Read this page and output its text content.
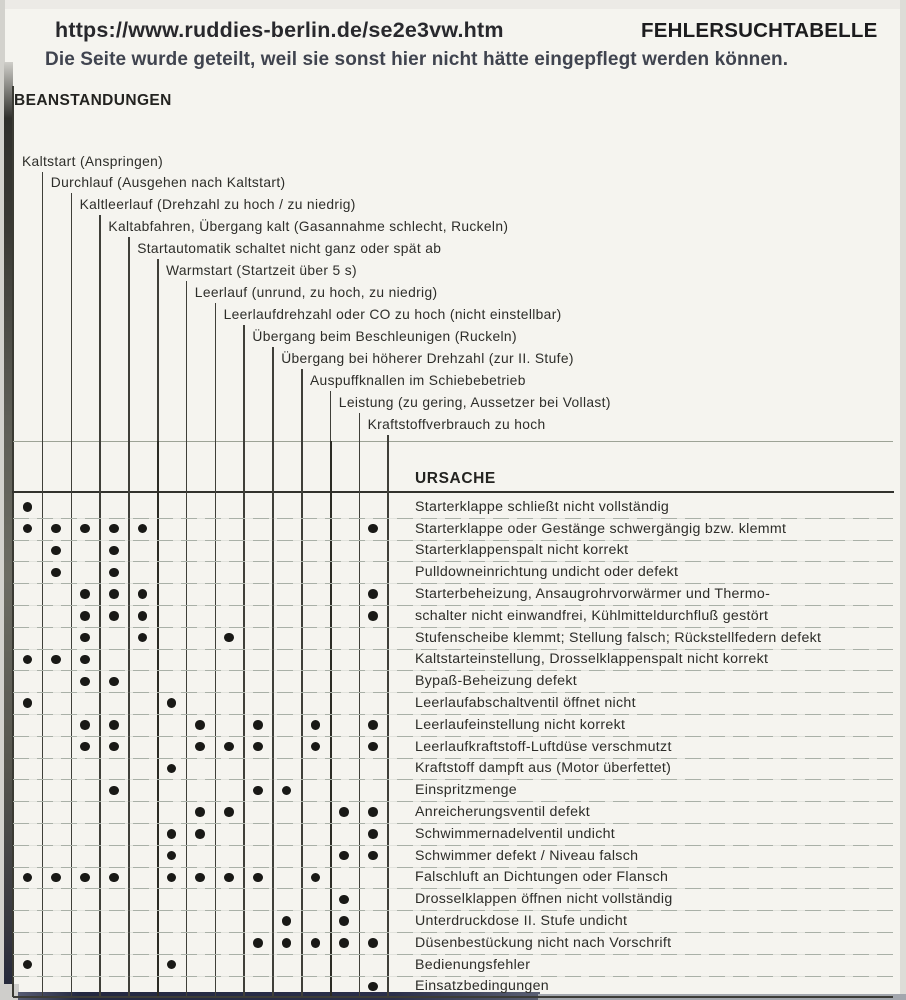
https://www.ruddies-berlin.de/se2e3vw.htm	FEHLERSUCHTABELLE
Die Seite wurde geteilt, weil sie sonst hier nicht hätte eingepflegt werden können.
BEANSTANDUNGEN
URSACHE
Kaltstart (Anspringen)
Durchlauf (Ausgehen nach Kaltstart)
Kaltleerlauf (Drehzahl zu hoch / zu niedrig)
Kaltabfahren, Übergang kalt (Gasannahme schlecht, Ruckeln)
Startautomatik schaltet nicht ganz oder spät ab
Warmstart (Startzeit über 5 s)
Leerlauf (unrund, zu hoch, zu niedrig)
Leerlaufdrehzahl oder CO zu hoch (nicht einstellbar)
Übergang beim Beschleunigen (Ruckeln)
Übergang bei höherer Drehzahl (zur II. Stufe)
Auspuffknallen im Schiebebetrieb
Leistung (zu gering, Aussetzer bei Vollast)
Kraftstoffverbrauch zu hoch
Starterklappe schließt nicht vollständig
Starterklappe oder Gestänge schwergängig bzw. klemmt
Starterklappenspalt nicht korrekt
Pulldowneinrichtung undicht oder defekt
Starterbeheizung, Ansaugrohrvorwärmer und Thermo-
schalter nicht einwandfrei, Kühlmitteldurchfluß gestört
Stufenscheibe klemmt; Stellung falsch; Rückstellfedern defekt
Kaltstarteinstellung, Drosselklappenspalt nicht korrekt
Bypaß-Beheizung defekt
Leerlaufabschaltventil öffnet nicht
Leerlaufeinstellung nicht korrekt
Leerlaufkraftstoff-Luftdüse verschmutzt
Kraftstoff dampft aus (Motor überfettet)
Einspritzmenge
Anreicherungsventil defekt
Schwimmernadelventil undicht
Schwimmer defekt / Niveau falsch
Falschluft an Dichtungen oder Flansch
Drosselklappen öffnen nicht vollständig
Unterdruckdose II. Stufe undicht
Düsenbestückung nicht nach Vorschrift
Bedienungsfehler
Einsatzbedingungen
